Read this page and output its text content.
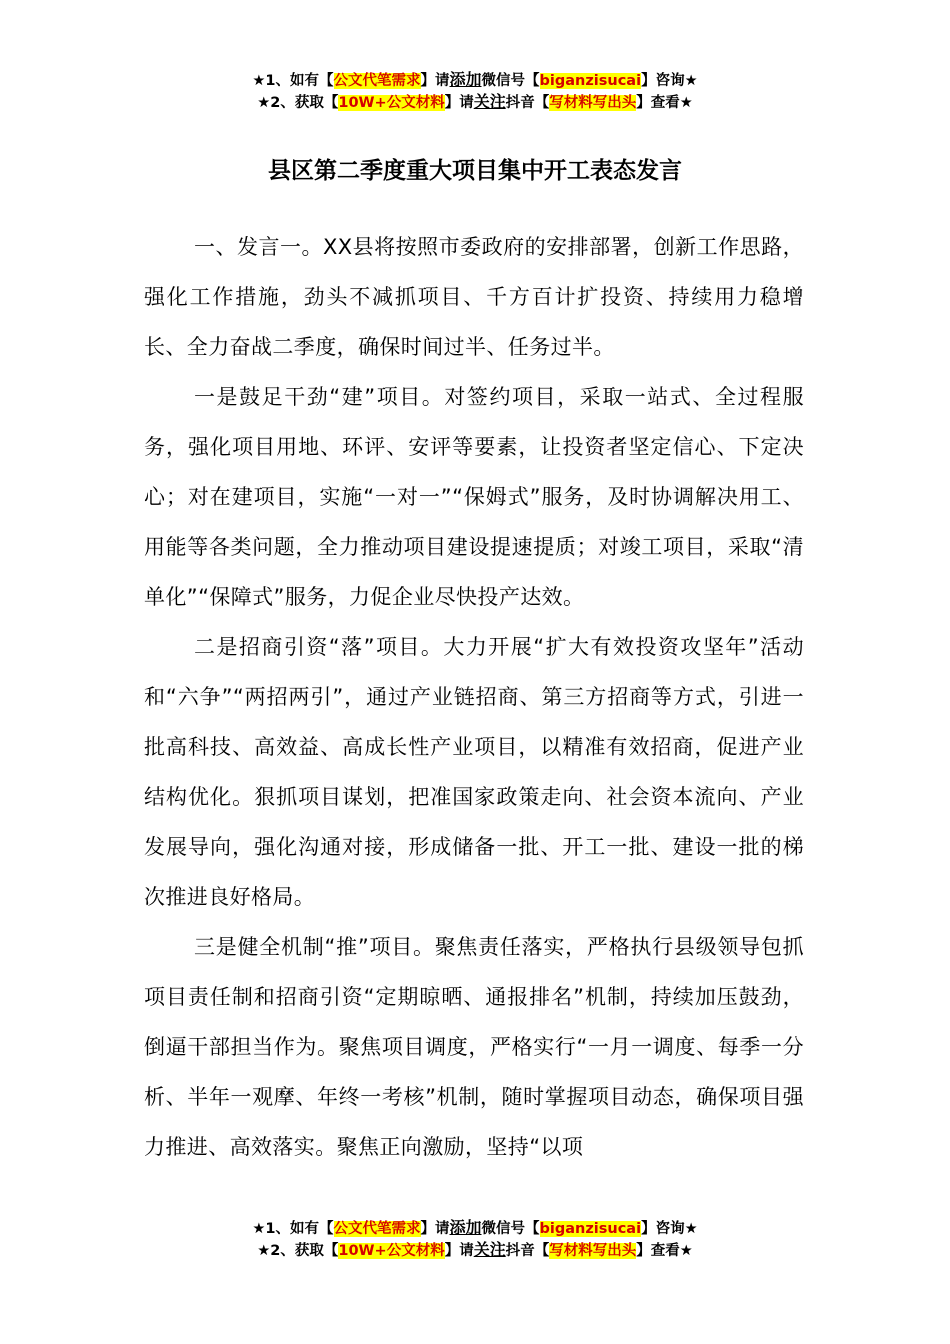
★1、如有【公文代笔需求】请添加微信号【biganzisucai】咨询★
★2、获取【10W+公文材料】请关注抖音【写材料写出头】查看★
县区第二季度重大项目集中开工表态发言

一、发言一。XX县将按照市委政府的安排部署，创新工作思路，强化工作措施，劲头不减抓项目、千方百计扩投资、持续用力稳增长、全力奋战二季度，确保时间过半、任务过半。

一是鼓足干劲“建”项目。对签约项目，采取一站式、全过程服务，强化项目用地、环评、安评等要素，让投资者坚定信心、下定决心；对在建项目，实施“一对一”“保姆式”服务，及时协调解决用工、用能等各类问题，全力推动项目建设提速提质；对竣工项目，采取“清单化”“保障式”服务，力促企业尽快投产达效。

二是招商引资“落”项目。大力开展“扩大有效投资攻坚年”活动和“六争”“两招两引”，通过产业链招商、第三方招商等方式，引进一批高科技、高效益、高成长性产业项目，以精准有效招商，促进产业结构优化。狠抓项目谋划，把准国家政策走向、社会资本流向、产业发展导向，强化沟通对接，形成储备一批、开工一批、建设一批的梯次推进良好格局。

三是健全机制“推”项目。聚焦责任落实，严格执行县级领导包抓项目责任制和招商引资“定期晾晒、通报排名”机制，持续加压鼓劲，倒逼干部担当作为。聚焦项目调度，严格实行“一月一调度、每季一分析、半年一观摩、年终一考核”机制，随时掌握项目动态，确保项目强力推进、高效落实。聚焦正向激励，坚持“以项

★1、如有【公文代笔需求】请添加微信号【biganzisucai】咨询★
★2、获取【10W+公文材料】请关注抖音【写材料写出头】查看★
